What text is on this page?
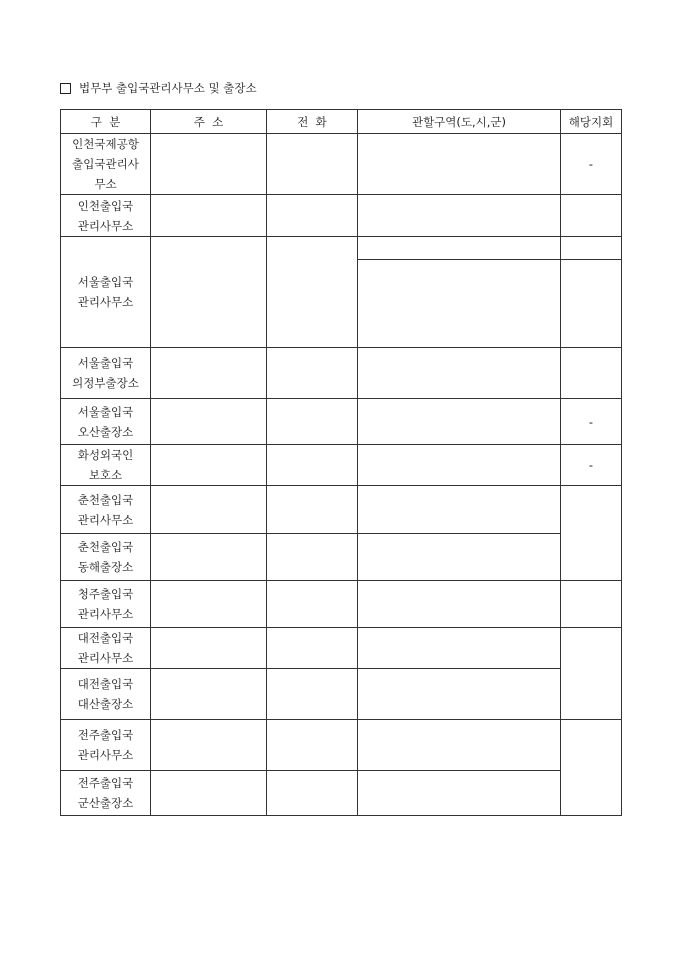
법무부 출입국관리사무소 및 출장소
구  분	주  소	전  화	관할구역(도,시,군)	해당지회

인천국제공항
출입국관리사
무소				-

인천출입국
관리사무소				

서울출입국
관리사무소				

서울출입국
의정부출장소				

서울출입국
오산출장소				-

화성외국인
보호소				-

춘천출입국
관리사무소				

춘천출입국
동해출장소				

청주출입국
관리사무소				

대전출입국
관리사무소				

대전출입국
대산출장소				

전주출입국
관리사무소				

전주출입국
군산출장소				
